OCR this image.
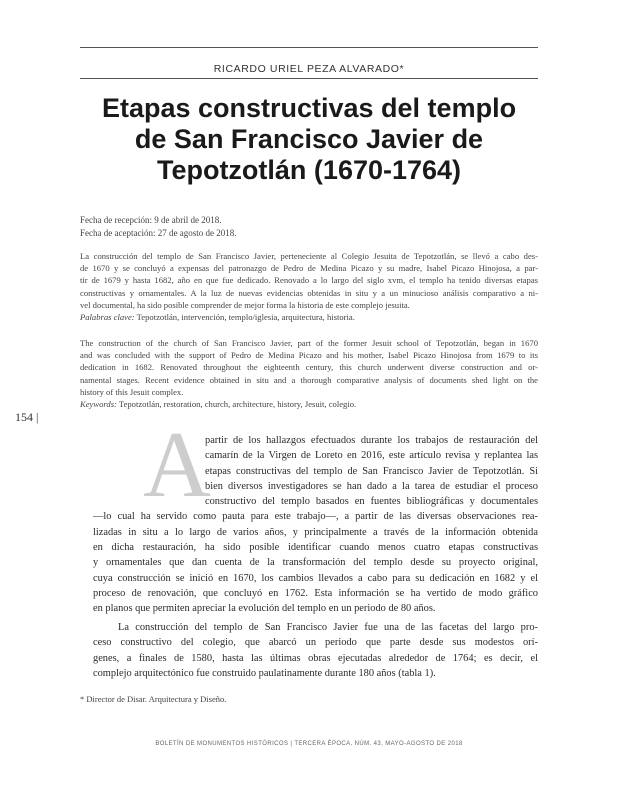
RICARDO URIEL PEZA ALVARADO*
Etapas constructivas del templo
de San Francisco Javier de
Tepotzotlán (1670-1764)
Fecha de recepción: 9 de abril de 2018.
Fecha de aceptación: 27 de agosto de 2018.
La construcción del templo de San Francisco Javier, perteneciente al Colegio Jesuita de Tepotzotlán, se llevó a cabo des-
de 1670 y se concluyó a expensas del patronazgo de Pedro de Medina Picazo y su madre, Isabel Picazo Hinojosa, a par-
tir de 1679 y hasta 1682, año en que fue dedicado. Renovado a lo largo del siglo xvm, el templo ha tenido diversas etapas
constructivas y ornamentales. A la luz de nuevas evidencias obtenidas in situ y a un minucioso análisis comparativo a ni-
vel documental, ha sido posible comprender de mejor forma la historia de este complejo jesuita.
Palabras clave: Tepotzotlán, intervención, templo/iglesia, arquitectura, historia.
The construction of the church of San Francisco Javier, part of the former Jesuit school of Tepotzotlán, began in 1670
and was concluded with the support of Pedro de Medina Picazo and his mother, Isabel Picazo Hinojosa from 1679 to its
dedication in 1682. Renovated throughout the eighteenth century, this church underwent diverse construction and or-
namental stages. Recent evidence obtained in situ and a thorough comparative analysis of documents shed light on the
history of this Jesuit complex.
Keywords: Tepotzotlán, restoration, church, architecture, history, Jesuit, colegio.
154 | A
partir de los hallazgos efectuados durante los trabajos de restauración del
camarín de la Virgen de Loreto en 2016, este artículo revisa y replantea las
etapas constructivas del templo de San Francisco Javier de Tepotzotlán. Si
bien diversos investigadores se han dado a la tarea de estudiar el proceso
constructivo del templo basados en fuentes bibliográficas y documentales
—lo cual ha servido como pauta para este trabajo—, a partir de las diversas observaciones rea-
lizadas in situ a lo largo de varios años, y principalmente a través de la información obtenida
en dicha restauración, ha sido posible identificar cuando menos cuatro etapas constructivas
y ornamentales que dan cuenta de la transformación del templo desde su proyecto original,
cuya construcción se inició en 1670, los cambios llevados a cabo para su dedicación en 1682 y el
proceso de renovación, que concluyó en 1762. Esta información se ha vertido de modo gráfico
en planos que permiten apreciar la evolución del templo en un periodo de 80 años.
La construcción del templo de San Francisco Javier fue una de las facetas del largo pro-
ceso constructivo del colegio, que abarcó un periodo que parte desde sus modestos orí-
genes, a finales de 1580, hasta las últimas obras ejecutadas alrededor de 1764; es decir, el
complejo arquitectónico fue construido paulatinamente durante 180 años (tabla 1).
* Director de Disar. Arquitectura y Diseño.
BOLETÍN DE MONUMENTOS HISTÓRICOS | TERCERA ÉPOCA, NÚM. 43, MAYO-AGOSTO DE 2018
